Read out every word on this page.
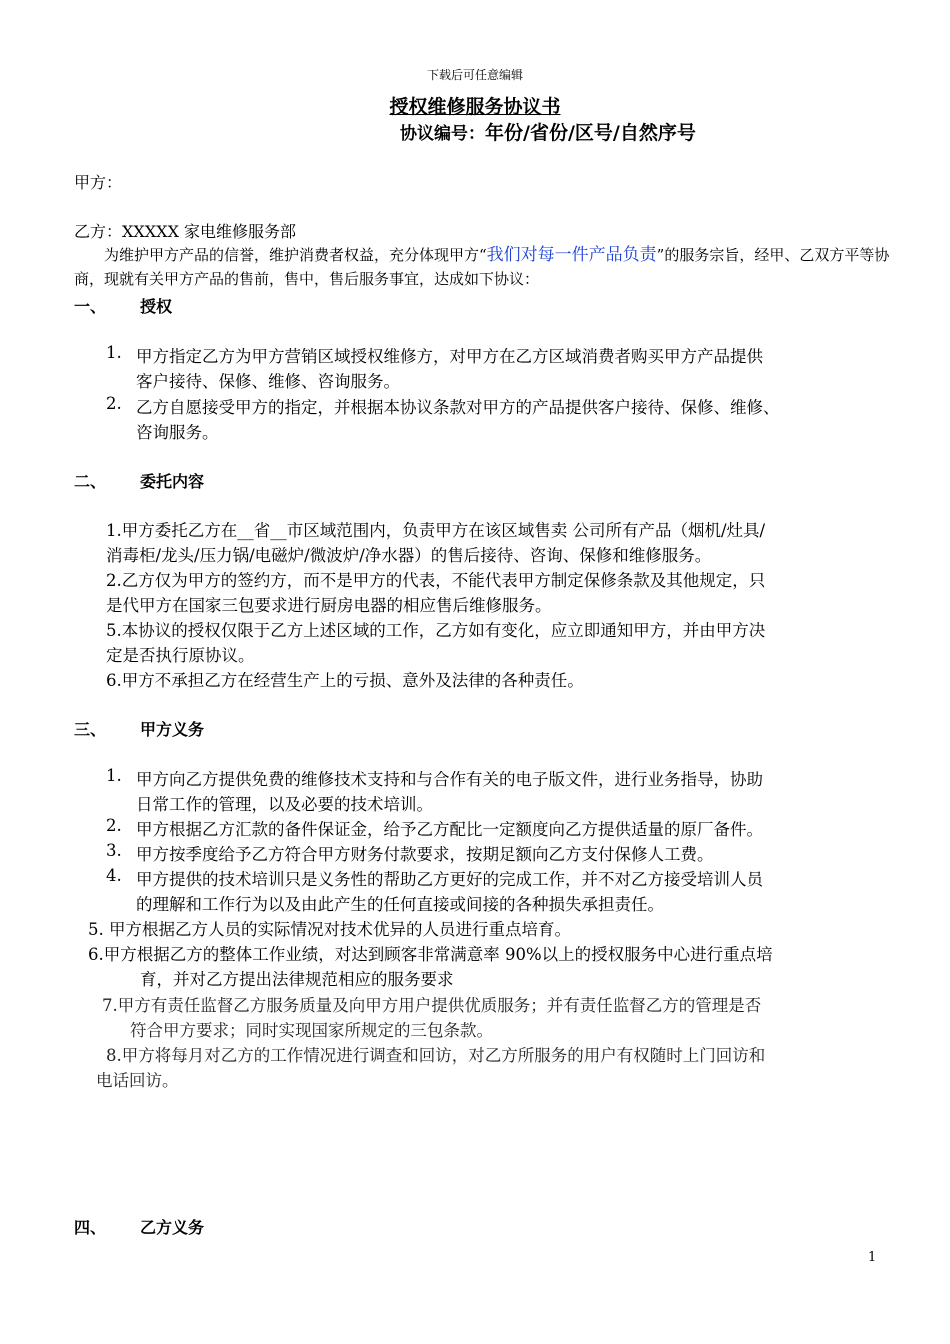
下载后可任意编辑
授权维修服务协议书
协议编号：年份/省份/区号/自然序号
甲方：
乙方：XXXXX 家电维修服务部
为维护甲方产品的信誉，维护消费者权益，充分体现甲方“我们对每一件产品负责”的服务宗旨，经甲、乙双方平等协商，现就有关甲方产品的售前，售中，售后服务事宜，达成如下协议：
一、 授权
1. 甲方指定乙方为甲方营销区域授权维修方，对甲方在乙方区域消费者购买甲方产品提供
客户接待、保修、维修、咨询服务。
2. 乙方自愿接受甲方的指定，并根据本协议条款对甲方的产品提供客户接待、保修、维修、
咨询服务。
二、 委托内容
1.甲方委托乙方在__省__市区域范围内，负责甲方在该区域售卖 公司所有产品（烟机/灶具/
消毒柜/龙头/压力锅/电磁炉/微波炉/净水器）的售后接待、咨询、保修和维修服务。
2.乙方仅为甲方的签约方，而不是甲方的代表，不能代表甲方制定保修条款及其他规定，只
是代甲方在国家三包要求进行厨房电器的相应售后维修服务。
5.本协议的授权仅限于乙方上述区域的工作，乙方如有变化，应立即通知甲方，并由甲方决
定是否执行原协议。
6.甲方不承担乙方在经营生产上的亏损、意外及法律的各种责任。
三、 甲方义务
1. 甲方向乙方提供免费的维修技术支持和与合作有关的电子版文件，进行业务指导，协助
日常工作的管理，以及必要的技术培训。
2. 甲方根据乙方汇款的备件保证金，给予乙方配比一定额度向乙方提供适量的原厂备件。
3. 甲方按季度给予乙方符合甲方财务付款要求，按期足额向乙方支付保修人工费。
4. 甲方提供的技术培训只是义务性的帮助乙方更好的完成工作，并不对乙方接受培训人员
的理解和工作行为以及由此产生的任何直接或间接的各种损失承担责任。
5. 甲方根据乙方人员的实际情况对技术优异的人员进行重点培育。
6.甲方根据乙方的整体工作业绩，对达到顾客非常满意率 90%以上的授权服务中心进行重点培
育，并对乙方提出法律规范相应的服务要求
7.甲方有责任监督乙方服务质量及向甲方用户提供优质服务；并有责任监督乙方的管理是否
符合甲方要求；同时实现国家所规定的三包条款。
8.甲方将每月对乙方的工作情况进行调查和回访，对乙方所服务的用户有权随时上门回访和
电话回访。
四、 乙方义务
1
